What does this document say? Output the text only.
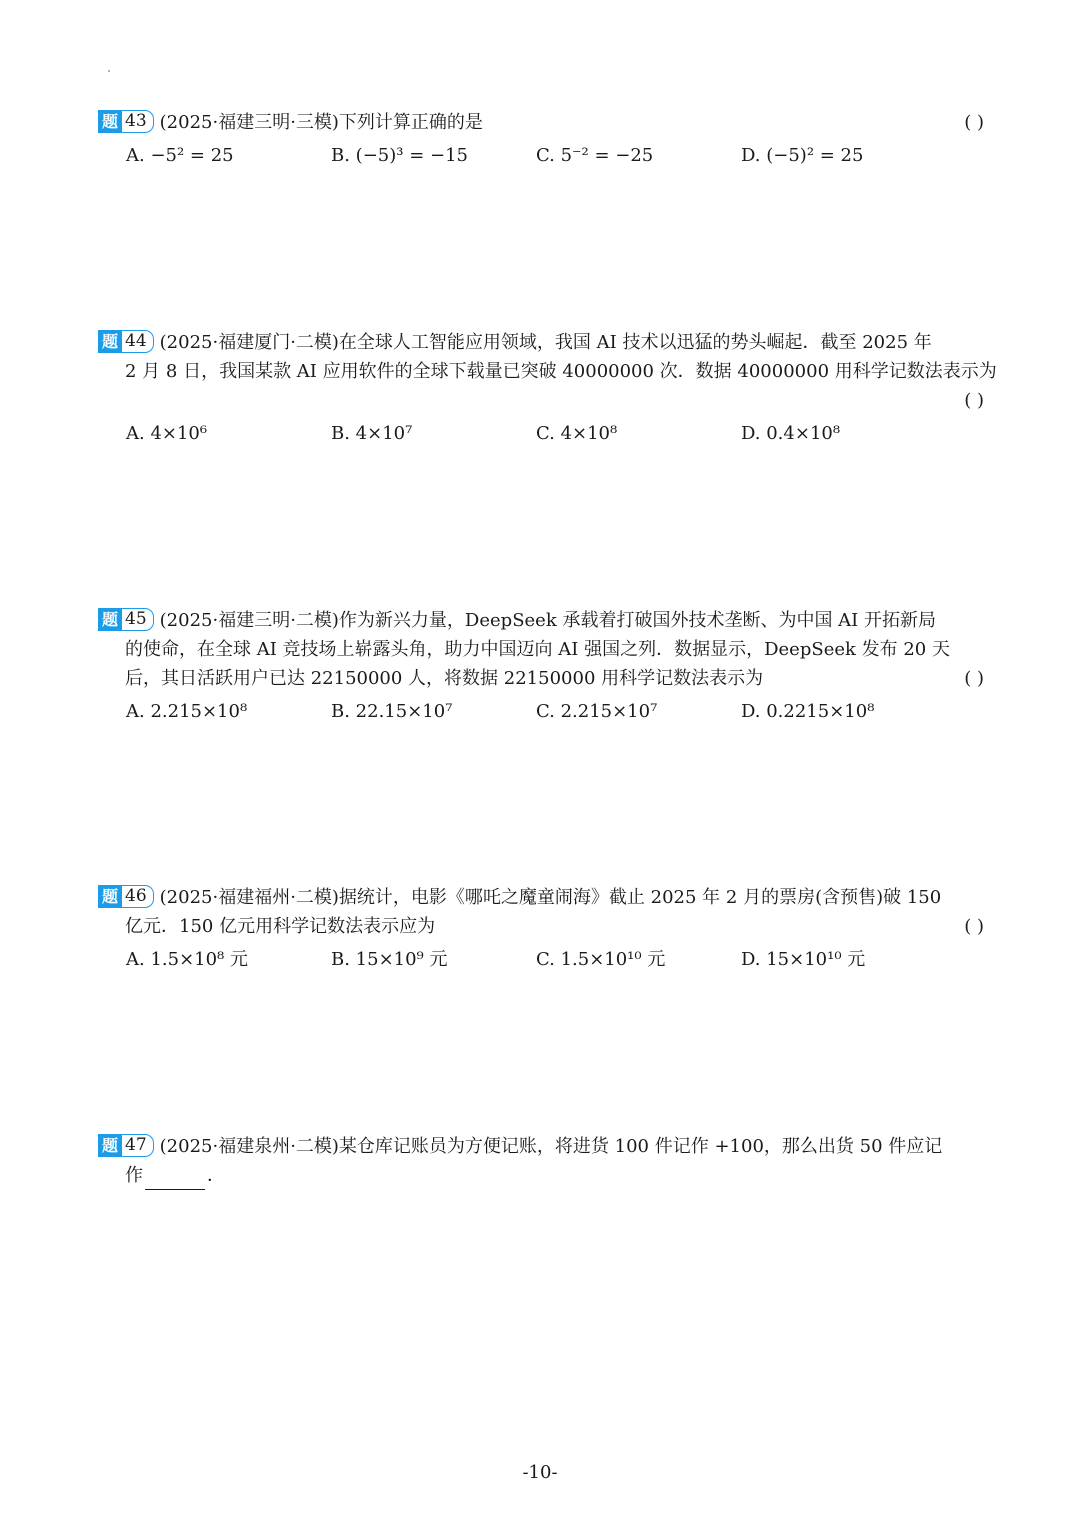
题 43 (2025·福建三明·三模)下列计算正确的是	( )
A. −5² = 25	B. (−5)³ = −15	C. 5⁻² = −25	D. (−5)² = 25
题 44 (2025·福建厦门·二模)在全球人工智能应用领域，我国 AI 技术以迅猛的势头崛起．截至 2025 年
2 月 8 日，我国某款 AI 应用软件的全球下载量已突破 40000000 次．数据 40000000 用科学记数法表示为
( )
A. 4×10⁶	B. 4×10⁷	C. 4×10⁸	D. 0.4×10⁸
题 45 (2025·福建三明·二模)作为新兴力量，DeepSeek 承载着打破国外技术垄断、为中国 AI 开拓新局
的使命，在全球 AI 竞技场上崭露头角，助力中国迈向 AI 强国之列．数据显示，DeepSeek 发布 20 天
后，其日活跃用户已达 22150000 人，将数据 22150000 用科学记数法表示为	( )
A. 2.215×10⁸	B. 22.15×10⁷	C. 2.215×10⁷	D. 0.2215×10⁸
题 46 (2025·福建福州·二模)据统计，电影《哪吒之魔童闹海》截止 2025 年 2 月的票房(含预售)破 150
亿元．150 亿元用科学记数法表示应为	( )
A. 1.5×10⁸ 元	B. 15×10⁹ 元	C. 1.5×10¹⁰ 元	D. 15×10¹⁰ 元
题 47 (2025·福建泉州·二模)某仓库记账员为方便记账，将进货 100 件记作 +100，那么出货 50 件应记
作	．
-10-
